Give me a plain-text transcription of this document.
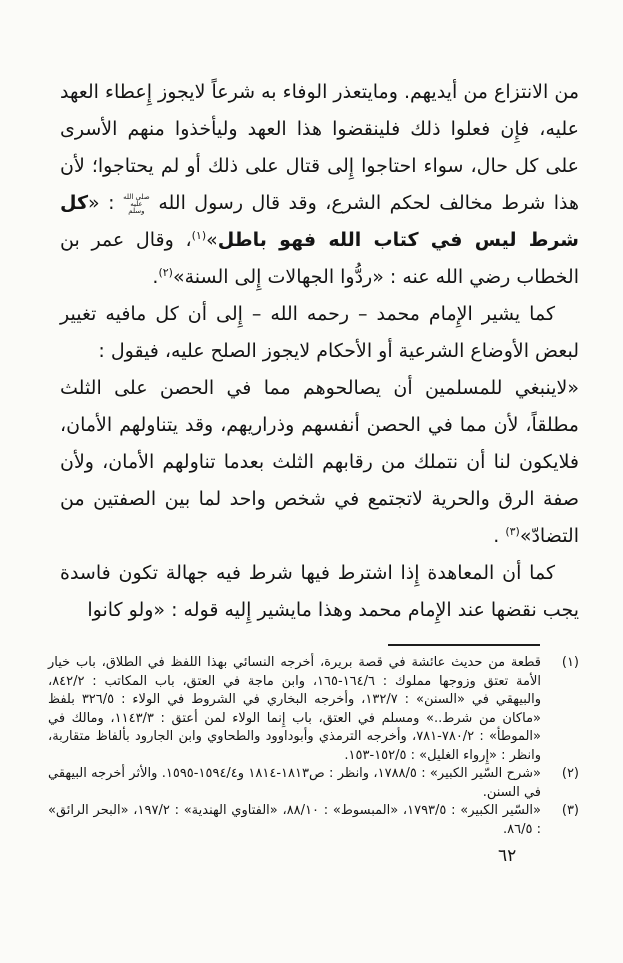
من الانتزاع من أيديهم. ومايتعذر الوفاء به شرعاً لايجوز إِعطاء العهد عليه، فإِن فعلوا ذلك فلينقضوا هذا العهد وليأخذوا منهم الأسرى على كل حال، سواء احتاجوا إِلى قتال على ذلك أو لم يحتاجوا؛ لأن هذا شرط مخالف لحكم الشرع، وقد قال رسول الله صلى الله عليه وسلم : «كل شرط ليس في كتاب الله فهو باطل»$^{(١)}$، وقال عمر بن الخطاب رضي الله عنه : «ردُّوا الجهالات إِلى السنة»$^{(٢)}$.

كما يشير الإِمام محمد – رحمه الله – إِلى أن كل مافيه تغيير لبعض الأوضاع الشرعية أو الأحكام لايجوز الصلح عليه، فيقول :

«لاينبغي للمسلمين أن يصالحوهم مما في الحصن على الثلث مطلقاً، لأن مما في الحصن أنفسهم وذراريهم، وقد يتناولهم الأمان، فلايكون لنا أن نتملك من رقابهم الثلث بعدما تناولهم الأمان، ولأن صفة الرق والحرية لاتجتمع في شخص واحد لما بين الصفتين من التضادّ»$^{(٣)}$ .

كما أن المعاهدة إِذا اشترط فيها شرط فيه جهالة تكون فاسدة يجب نقضها عند الإِمام محمد وهذا مايشير إِليه قوله : «ولو كانوا

(١)
قطعة من حديث عائشة في قصة بريرة، أخرجه النسائي بهذا اللفظ في الطلاق، باب خيار الأمة تعتق وزوجها مملوك : ١٦٤/٦-١٦٥، وابن ماجة في العتق، باب المكاتب : ٨٤٢/٢، والبيهقي في «السنن» : ١٣٢/٧، وأخرجه البخاري في الشروط في الولاء : ٣٢٦/٥ بلفظ «ماكان من شرط..» ومسلم في العتق، باب إِنما الولاء لمن أعتق : ١١٤٣/٣، ومالك في «الموطأ» : ٧٨٠/٢-٧٨١، وأخرجه الترمذي وأبوداوود والطحاوي وابن الجارود بألفاظ متقاربة، وانظر : «إِرواء الغليل» : ١٥٢/٥-١٥٣.
(٢)
«شرح السّير الكبير» : ١٧٨٨/٥، وانظر : ص١٨١٣-١٨١٤ و١٥٩٤/٤-١٥٩٥. والأثر أخرجه البيهقي في السنن.
(٣)
«السّير الكبير» : ١٧٩٣/٥، «المبسوط» : ٨٨/١٠، «الفتاوي الهندية» : ١٩٧/٢، «البحر الرائق» : ٨٦/٥.
٦٢
